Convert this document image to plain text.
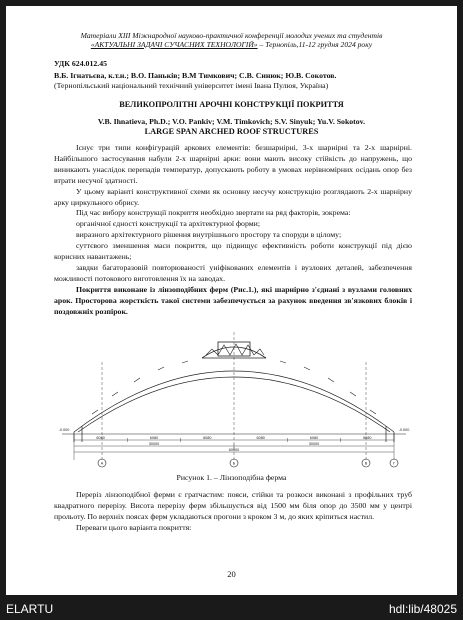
Матеріали XIII Міжнародної науково-практичної конференції молодих учених та студентів
«АКТУАЛЬНІ ЗАДАЧІ СУЧАСНИХ ТЕХНОЛОГІЙ» – Тернопіль,11-12 грудня 2024 року
УДК 624.012.45
В.Б. Ігнатьєва, к.т.н.; В.О. Паньків; В.М Тимкович; С.В. Синюк; Ю.В. Сокотов.
(Тернопільський національний технічний університет імені Івана Пулюя, Україна)
ВЕЛИКОПРОЛІТНІ АРОЧНІ КОНСТРУКЦІЇ ПОКРИТТЯ
V.B. Ihnatieva, Ph.D.; V.O. Pankiv; V.M. Timkovich; S.V. Sinyuk; Yu.V. Sokotov.
LARGE SPAN ARCHED ROOF STRUCTURES

Існує три типи конфігурацій аркових елементів: безшарнірні, 3-х шарнірні та 2-х шарнірні. Найбільшого застосування набули 2-х шарнірні арки: вони мають високу стійкість до напружень, що виникають унаслідок перепадів температур, допускають роботу в умовах нерівномірних осідань опор без втрати несучої здатності.

У цьому варіанті конструктивної схеми як основну несучу конструкцію розглядають 2-х шарнірну арку циркульного обрису.

Під час вибору конструкції покриття необхідно звертати на ряд факторів, зокрема:

органічної єдності конструкції та архітектурної форми;

виразного архітектурного рішення внутрішнього простору та споруди в цілому;

суттєвого зменшення маси покриття, що підвищує ефективність роботи конструкції під дією корисних навантажень;

завдки багаторазовій повторюваності уніфікованих елементів і вузлових деталей, забезпечення можливості потокового виготовлення їх на заводах.

Покриття виконане із лінзоподібних ферм (Рис.1.), які шарнірно з'єднані з вузлами головних арок. Просторова жорсткість такої системи забезпечується за рахунок введення зв'язкових блоків і поздовжніх розпірок.

6080	6080	6080	6080	6080	6080
30000	30000
60000
-0.000	-0.000
A	Б	B	Г
Рисунок 1. – Лінзоподібна ферма

Переріз лінзоподібної ферми є гратчастим: пояси, стійки та розкоси виконані з профільних труб квадратного перерізу. Висота перерізу ферм збільшується від 1500 мм біля опор до 3500 мм у центрі прольоту. По верхніх поясах ферм укладаються прогони з кроком 3 м, до яких кріпиться настил.

Переваги цього варіанта покриття:

20
ELARTU	hdl:lib/48025
